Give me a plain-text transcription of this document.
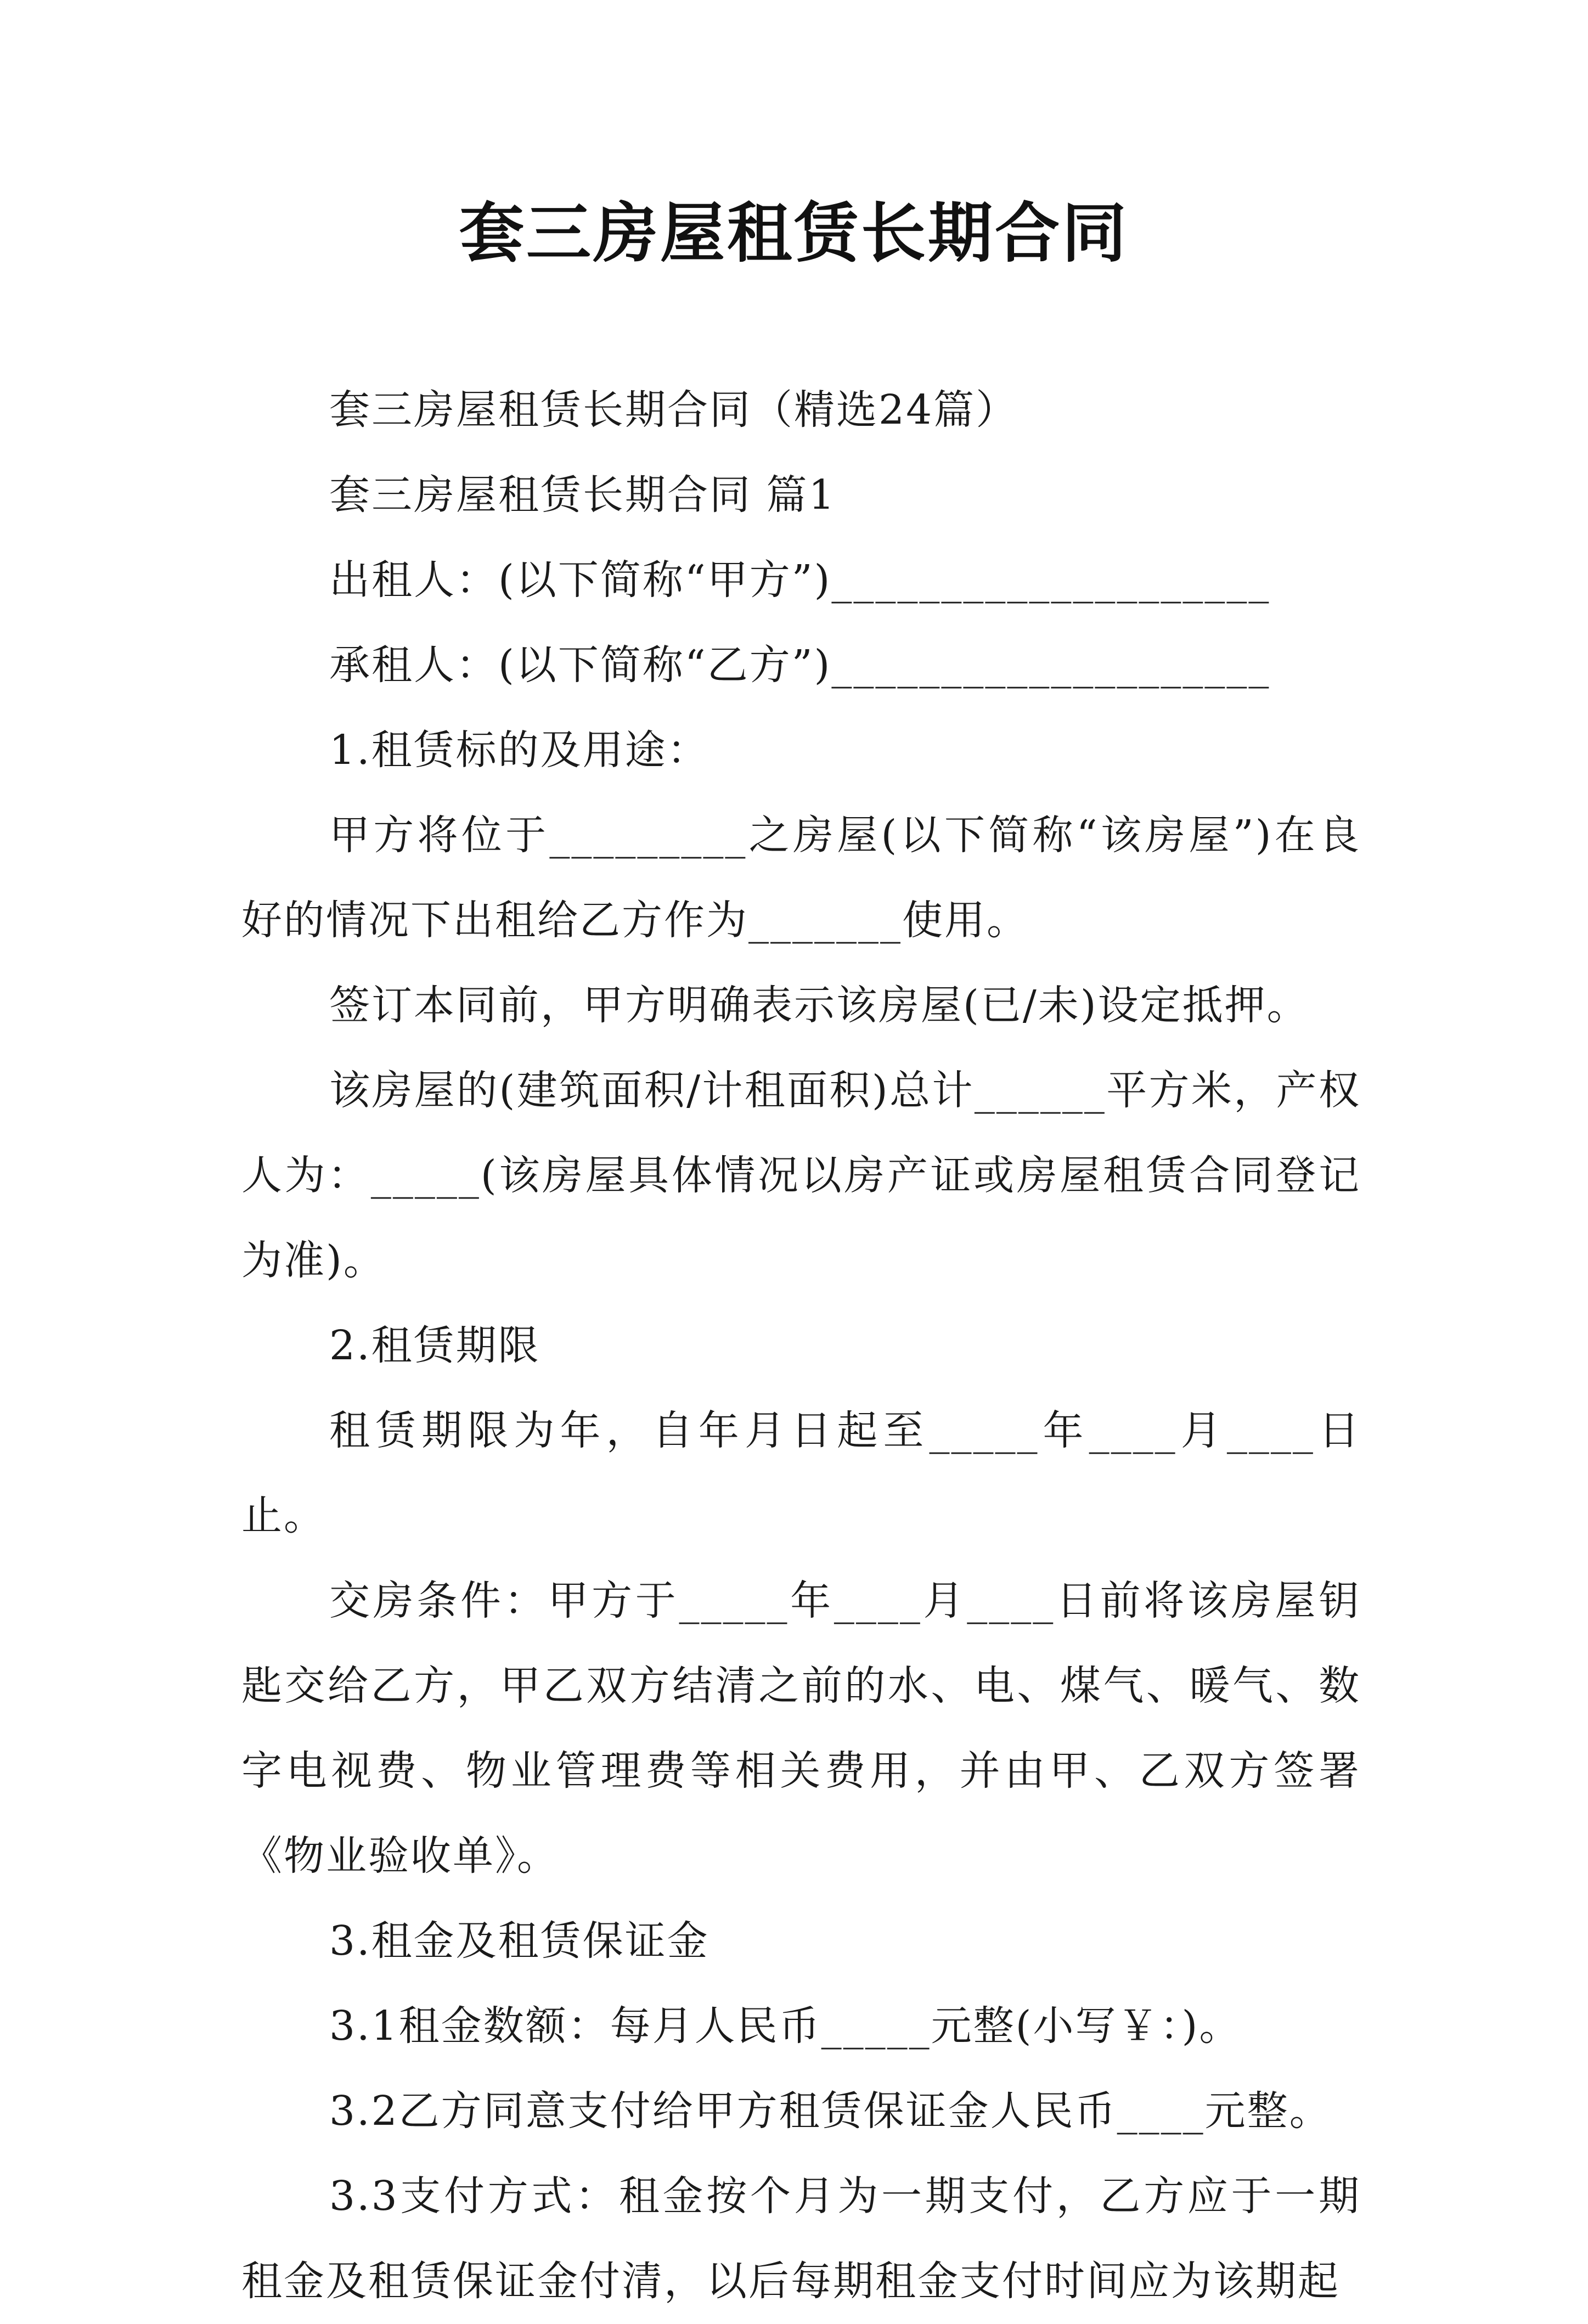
套三房屋租赁长期合同

套三房屋租赁长期合同（精选24篇）

套三房屋租赁长期合同 篇1

出租人：(以下简称“甲方”)____________________

承租人：(以下简称“乙方”)____________________

1.租赁标的及用途：

甲方将位于_________之房屋(以下简称“该房屋”)在良好的情况下出租给乙方作为_______使用。

签订本同前，甲方明确表示该房屋(已/未)设定抵押。

该房屋的(建筑面积/计租面积)总计______平方米，产权人为：_____(该房屋具体情况以房产证或房屋租赁合同登记为准)。

2.租赁期限

租赁期限为年，自年月日起至_____年____月____日止。

交房条件：甲方于_____年____月____日前将该房屋钥匙交给乙方，甲乙双方结清之前的水、电、煤气、暖气、数字电视费、物业管理费等相关费用，并由甲、乙双方签署《物业验收单》。

3.租金及租赁保证金

3.1租金数额：每月人民币_____元整(小写￥：)。

3.2乙方同意支付给甲方租赁保证金人民币____元整。

3.3支付方式：租金按个月为一期支付，乙方应于一期租金及租赁保证金付清，以后每期租金支付时间应为该期起
